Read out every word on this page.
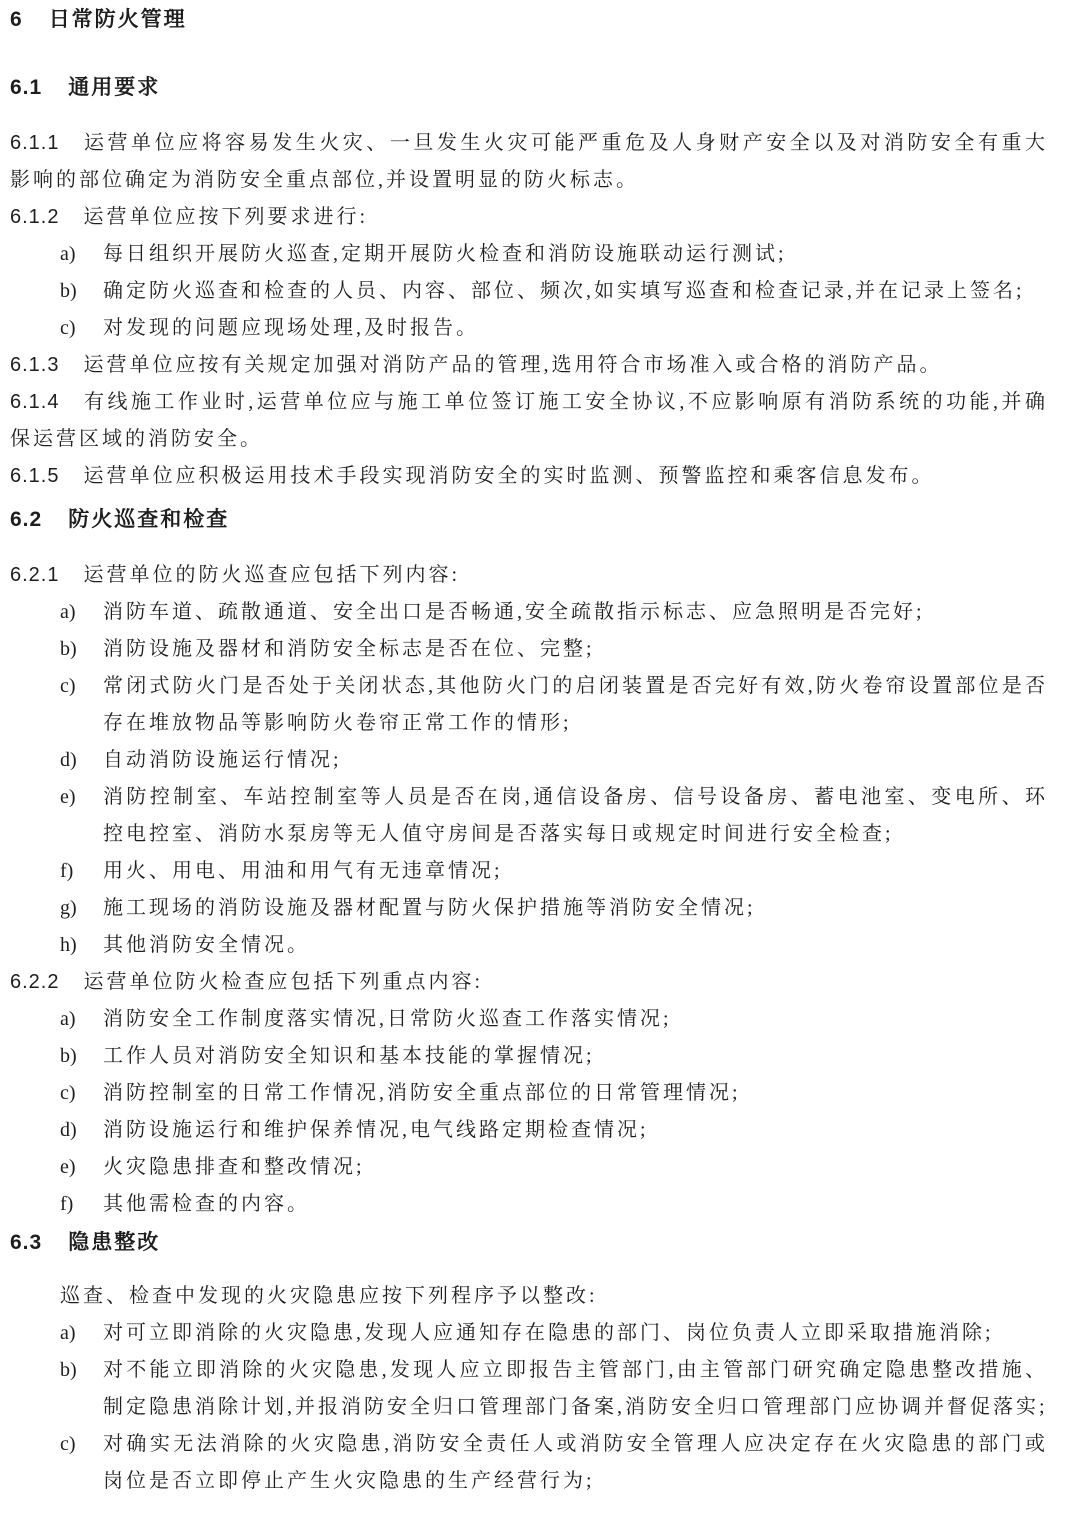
6 日常防火管理
6.1 通用要求
6.1.1 运营单位应将容易发生火灾、一旦发生火灾可能严重危及人身财产安全以及对消防安全有重大影响的部位确定为消防安全重点部位,并设置明显的防火标志。
6.1.2 运营单位应按下列要求进行:
a) 每日组织开展防火巡查,定期开展防火检查和消防设施联动运行测试;
b) 确定防火巡查和检查的人员、内容、部位、频次,如实填写巡查和检查记录,并在记录上签名;
c) 对发现的问题应现场处理,及时报告。
6.1.3 运营单位应按有关规定加强对消防产品的管理,选用符合市场准入或合格的消防产品。
6.1.4 有线施工作业时,运营单位应与施工单位签订施工安全协议,不应影响原有消防系统的功能,并确保运营区域的消防安全。
6.1.5 运营单位应积极运用技术手段实现消防安全的实时监测、预警监控和乘客信息发布。
6.2 防火巡查和检查
6.2.1 运营单位的防火巡查应包括下列内容:
a) 消防车道、疏散通道、安全出口是否畅通,安全疏散指示标志、应急照明是否完好;
b) 消防设施及器材和消防安全标志是否在位、完整;
c) 常闭式防火门是否处于关闭状态,其他防火门的启闭装置是否完好有效,防火卷帘设置部位是否存在堆放物品等影响防火卷帘正常工作的情形;
d) 自动消防设施运行情况;
e) 消防控制室、车站控制室等人员是否在岗,通信设备房、信号设备房、蓄电池室、变电所、环控电控室、消防水泵房等无人值守房间是否落实每日或规定时间进行安全检查;
f) 用火、用电、用油和用气有无违章情况;
g) 施工现场的消防设施及器材配置与防火保护措施等消防安全情况;
h) 其他消防安全情况。
6.2.2 运营单位防火检查应包括下列重点内容:
a) 消防安全工作制度落实情况,日常防火巡查工作落实情况;
b) 工作人员对消防安全知识和基本技能的掌握情况;
c) 消防控制室的日常工作情况,消防安全重点部位的日常管理情况;
d) 消防设施运行和维护保养情况,电气线路定期检查情况;
e) 火灾隐患排查和整改情况;
f) 其他需检查的内容。
6.3 隐患整改
巡查、检查中发现的火灾隐患应按下列程序予以整改:
a) 对可立即消除的火灾隐患,发现人应通知存在隐患的部门、岗位负责人立即采取措施消除;
b) 对不能立即消除的火灾隐患,发现人应立即报告主管部门,由主管部门研究确定隐患整改措施、制定隐患消除计划,并报消防安全归口管理部门备案,消防安全归口管理部门应协调并督促落实;
c) 对确实无法消除的火灾隐患,消防安全责任人或消防安全管理人应决定存在火灾隐患的部门或岗位是否立即停止产生火灾隐患的生产经营行为;
